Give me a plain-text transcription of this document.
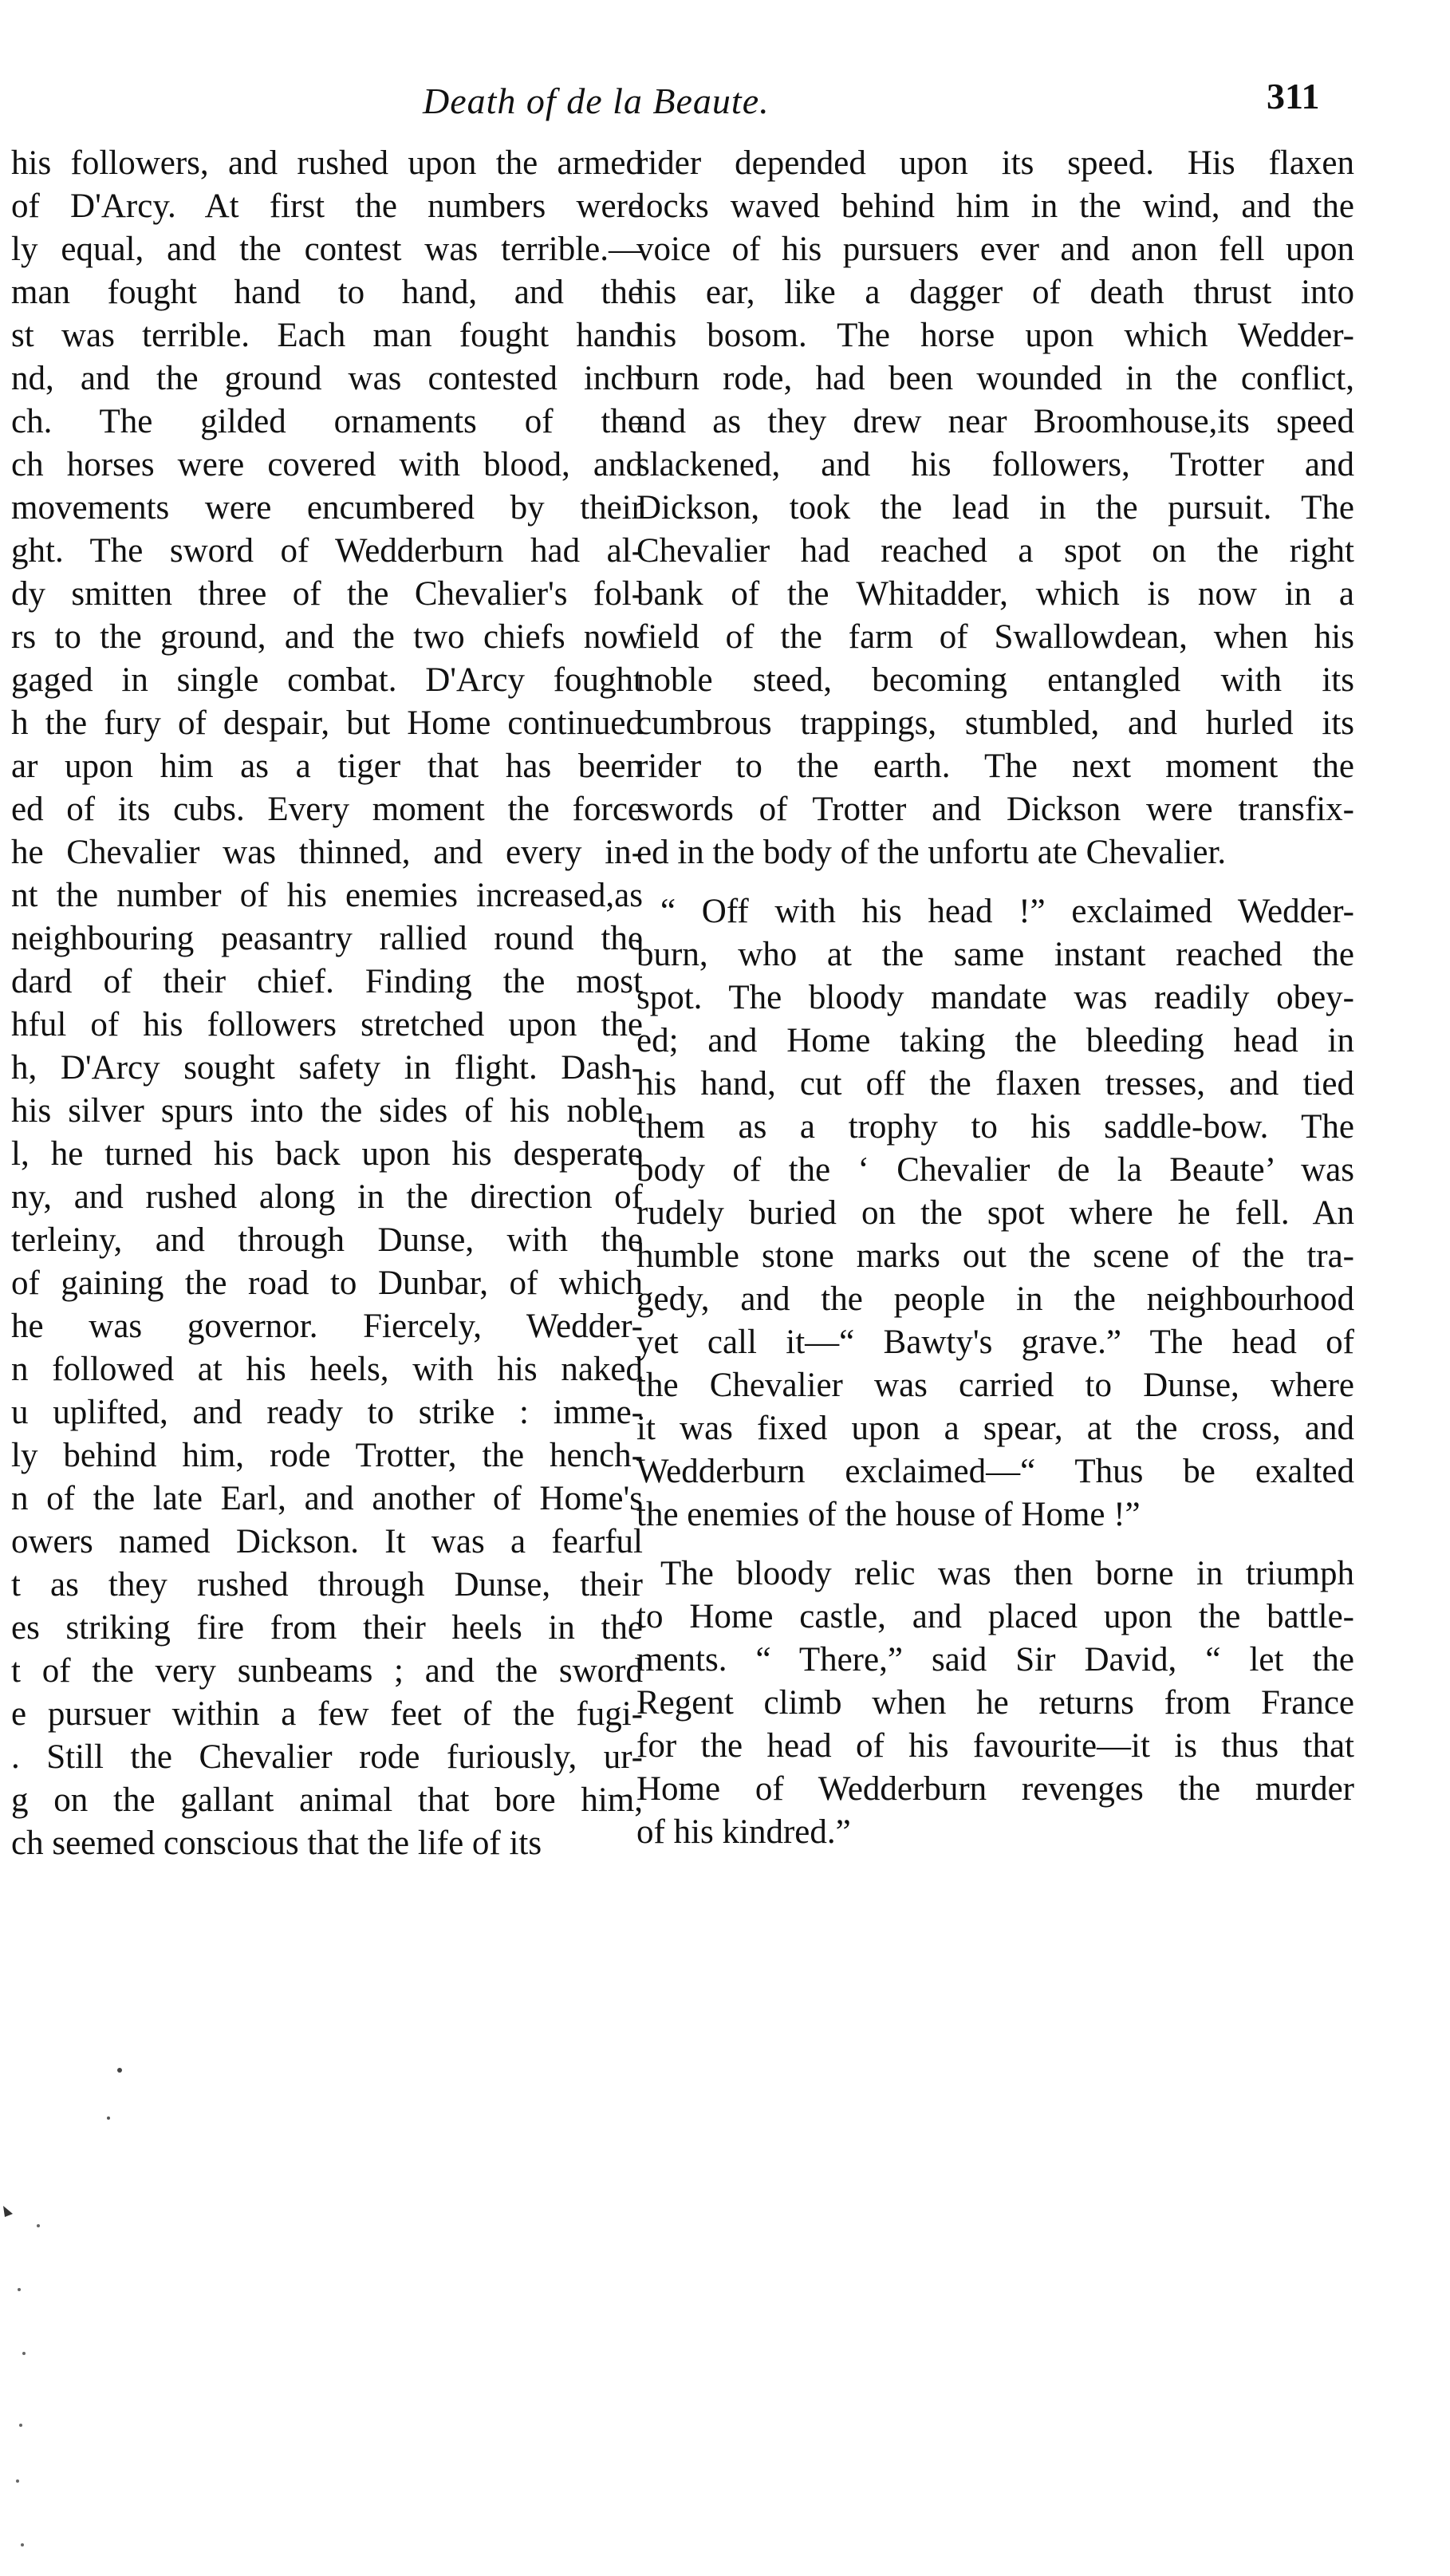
Death of de la Beaute.	311
his followers, and rushed upon the armed
of D'Arcy. At first the numbers were
ly equal, and the contest was terrible.—
man fought hand to hand, and the
st was terrible. Each man fought hand
nd, and the ground was contested inch
ch. The gilded ornaments of the
ch horses were covered with blood, and
movements were encumbered by their
ght. The sword of Wedderburn had al-
dy smitten three of the Chevalier's fol-
rs to the ground, and the two chiefs now
gaged in single combat. D'Arcy fought
h the fury of despair, but Home continued
ar upon him as a tiger that has been
ed of its cubs. Every moment the force
he Chevalier was thinned, and every in-
nt the number of his enemies increased,as
neighbouring peasantry rallied round the
dard of their chief. Finding the most
hful of his followers stretched upon the
h, D'Arcy sought safety in flight. Dash-
his silver spurs into the sides of his noble
l, he turned his back upon his desperate
ny, and rushed along in the direction of
terleiny, and through Dunse, with the
of gaining the road to Dunbar, of which
he was governor. Fiercely, Wedder-
n followed at his heels, with his naked
u uplifted, and ready to strike : imme-
ly behind him, rode Trotter, the hench-
n of the late Earl, and another of Home's
owers named Dickson. It was a fearful
t as they rushed through Dunse, their
es striking fire from their heels in the
t of the very sunbeams ; and the sword
e pursuer within a few feet of the fugi-
. Still the Chevalier rode furiously, ur-
g on the gallant animal that bore him,
ch seemed conscious that the life of its
rider depended upon its speed. His flaxen
locks waved behind him in the wind, and the
voice of his pursuers ever and anon fell upon
his ear, like a dagger of death thrust into
his bosom. The horse upon which Wedder-
burn rode, had been wounded in the conflict,
and as they drew near Broomhouse,its speed
slackened, and his followers, Trotter and
Dickson, took the lead in the pursuit. The
Chevalier had reached a spot on the right
bank of the Whitadder, which is now in a
field of the farm of Swallowdean, when his
noble steed, becoming entangled with its
cumbrous trappings, stumbled, and hurled its
rider to the earth. The next moment the
swords of Trotter and Dickson were transfix-
ed in the body of the unfortu ate Chevalier.
“ Off with his head !” exclaimed Wedder-
burn, who at the same instant reached the
spot. The bloody mandate was readily obey-
ed; and Home taking the bleeding head in
his hand, cut off the flaxen tresses, and tied
them as a trophy to his saddle-bow. The
body of the ‘ Chevalier de la Beaute’ was
rudely buried on the spot where he fell. An
humble stone marks out the scene of the tra-
gedy, and the people in the neighbourhood
yet call it—“ Bawty's grave.” The head of
the Chevalier was carried to Dunse, where
it was fixed upon a spear, at the cross, and
Wedderburn exclaimed—“ Thus be exalted
the enemies of the house of Home !”
The bloody relic was then borne in triumph
to Home castle, and placed upon the battle-
ments. “ There,” said Sir David, “ let the
Regent climb when he returns from France
for the head of his favourite—it is thus that
Home of Wedderburn revenges the murder
of his kindred.”
